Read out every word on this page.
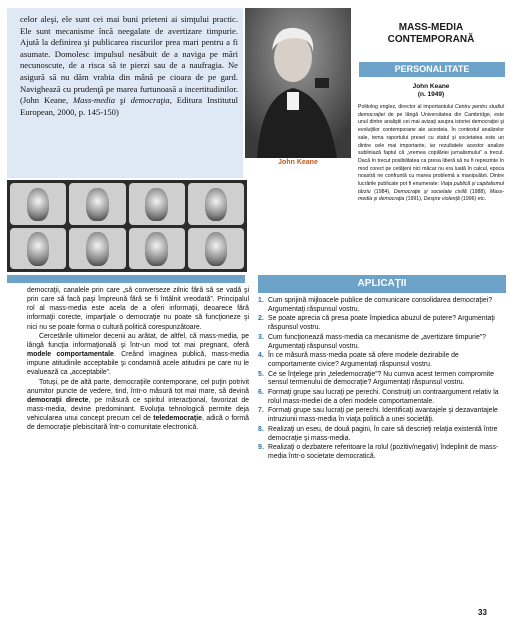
celor aleşi, ele sunt cei mai buni prieteni ai simţului practic. Ele sunt mecanisme încă neegalate de avertizare timpurie. Ajută la definirea şi publicarea riscurilor prea mari pentru a fi asumate. Domolesc impulsul nesăbuit de a naviga pe mări necunoscute, de a risca să te pierzi sau de a naufragia. Ne asigură să nu dăm vrabia din mână pe cioara de pe gard. Navighează cu prudenţă pe marea furtunoasă a incertitudinilor. (John Keane, Mass-media şi democraţia, Editura Institutul European, 2000, p. 145-150)
John Keane
MASS-MEDIA
CONTEMPORANĂ
PERSONALITATE
John Keane
(n. 1949)
Politolog englez, director al importantului Centru pentru studiul democraţiei de pe lângă Universitatea din Cambridge, este unul dintre analiştii cei mai avizaţi asupra istoriei democraţiei şi evoluţiilor contemporane ale acesteia. În contextul analizelor sale, tema raportului presei cu statul şi societatea este un dintre cele mai importante, iar rezultatele acestor analize subliniază faptul că „vremea copilăriei jurnalismului” a trecut. Dacă în trecut posibilitatea ca presa liberă să nu fi reprezinte în mod corect pe cetăţeni nici măcar nu era luată în calcul, epoca noastră ne confruntă cu marea problemă a manipulării. Dintre lucrările publicate pot fi enumerate: Viaţa publică şi capitalismul târziu (1984), Democraţie şi societate civilă (1988), Mass-media şi democraţia (1991), Despre violenţă (1996) etc.

democraţii, canalele prin care „să converseze zilnic fără să se vadă şi prin care să facă paşi împreună fără se fi întâlnit vreodată”. Principalul rol al mass-media este acela de a oferi informaţii, deoarece fără informaţii corecte, imparţiale o democraţie nu poate să funcţioneze şi nici nu se poate forma o cultură politică corespunzătoare.

Cercetările ultimelor decenii au arătat, de altfel, că mass-media, pe lângă funcţia informaţională şi într-un mod tot mai pregnant, oferă modele comportamentale. Creând imaginea publică, mass-media impune atitudinile acceptabile şi condamnă acele atitudini pe care nu le evaluează ca „acceptabile”.

Totuşi, pe de altă parte, democraţiile contemporane, cel puţin potrivit anumitor puncte de vedere, tind, într-o măsură tot mai mare, să devină democraţii directe, pe măsură ce spiritul interacţional, favorizat de mass-media, devine predominant. Evoluţia tehnologică permite deja vehicularea unui concept precum cel de teledemocraţie, adică o formă de democraţie plebiscitară într-o comunitate electronică.

APLICAŢII
1. Cum sprijină mijloacele publice de comunicare consolidarea democraţiei? Argumentaţi răspunsul vostru.
2. Se poate aprecia că presa poate împiedica abuzul de putere? Argumentaţi răspunsul vostru.
3. Cum funcţionează mass-media ca mecanisme de „avertizare timpurie”? Argumentaţi răspunsul vostru.
4. În ce măsură mass-media poate să ofere modele dezirabile de comportamente civice? Argumentaţi răspunsul vostru.
5. Ce se înţelege prin „teledemocraţie”? Nu cumva acest termen compromite sensul termenului de democraţie? Argumentaţi răspunsul vostru.
6. Formaţi grupe sau lucraţi pe perechi. Construiţi un contraargument relativ la rolul mass-mediei de a oferi modele comportamentale.
7. Formaţi grupe sau lucraţi pe perechi. Identificaţi avantajele şi dezavantajele intruziunii mass-media în viaţa politică a unei societăţi.
8. Realizaţi un eseu, de două pagini, în care să descrieţi relaţia existentă între democraţie şi mass-media.
9. Realizaţi o dezbatere referitoare la rolul (pozitiv/negativ) îndeplinit de mass-media într-o societate democratică.
33
